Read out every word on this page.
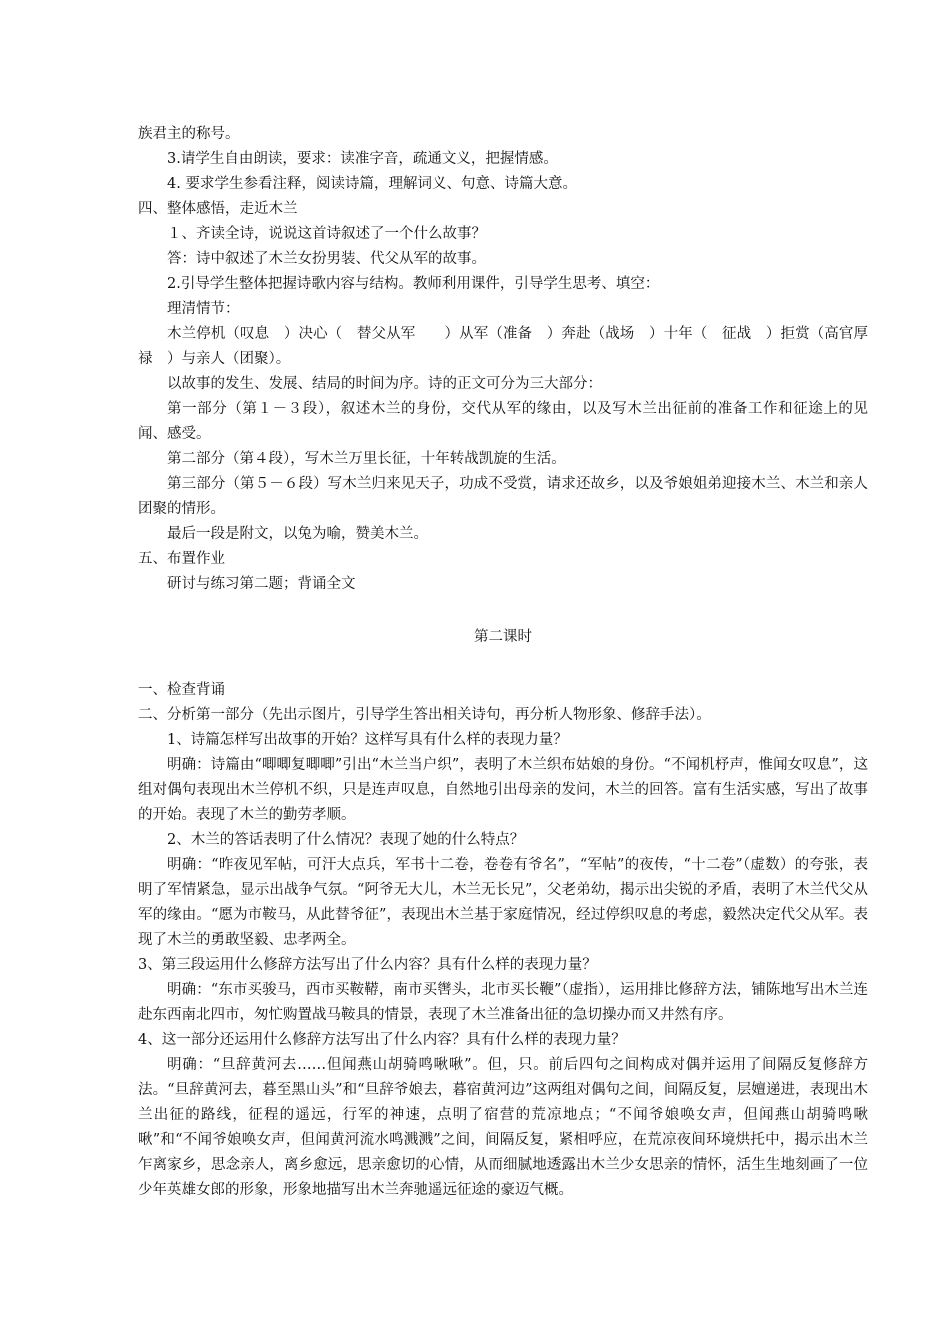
族君主的称号。

3.请学生自由朗读，要求：读准字音，疏通文义，把握情感。

4. 要求学生参看注释，阅读诗篇，理解词义、句意、诗篇大意。

四、整体感悟，走近木兰

１、齐读全诗，说说这首诗叙述了一个什么故事？

答：诗中叙述了木兰女扮男装、代父从军的故事。

2.引导学生整体把握诗歌内容与结构。教师利用课件，引导学生思考、填空：

理清情节：

木兰停机（叹息　）决心（　替父从军　　）从军（准备　）奔赴（战场　）十年（　征战　）拒赏（高官厚禄　）与亲人（团聚）。

以故事的发生、发展、结局的时间为序。诗的正文可分为三大部分：

第一部分（第１－３段），叙述木兰的身份，交代从军的缘由，以及写木兰出征前的准备工作和征途上的见闻、感受。

第二部分（第４段），写木兰万里长征，十年转战凯旋的生活。

第三部分（第５－６段）写木兰归来见天子，功成不受赏，请求还故乡，以及爷娘姐弟迎接木兰、木兰和亲人团聚的情形。

最后一段是附文，以兔为喻，赞美木兰。

五、布置作业

研讨与练习第二题；背诵全文

第二课时

一、检查背诵

二、分析第一部分（先出示图片，引导学生答出相关诗句，再分析人物形象、修辞手法）。

1、诗篇怎样写出故事的开始？这样写具有什么样的表现力量？

明确：诗篇由“唧唧复唧唧”引出“木兰当户织”，表明了木兰织布姑娘的身份。“不闻机杼声，惟闻女叹息”，这组对偶句表现出木兰停机不织，只是连声叹息，自然地引出母亲的发问，木兰的回答。富有生活实感，写出了故事的开始。表现了木兰的勤劳孝顺。

2、木兰的答话表明了什么情况？表现了她的什么特点？

明确：“昨夜见军帖，可汗大点兵，军书十二卷，卷卷有爷名”，“军帖”的夜传，“十二卷”（虚数）的夸张，表明了军情紧急，显示出战争气氛。“阿爷无大儿，木兰无长兄”，父老弟幼，揭示出尖锐的矛盾，表明了木兰代父从军的缘由。“愿为市鞍马，从此替爷征”，表现出木兰基于家庭情况，经过停织叹息的考虑，毅然决定代父从军。表现了木兰的勇敢坚毅、忠孝两全。

3、第三段运用什么修辞方法写出了什么内容？具有什么样的表现力量？

明确：“东市买骏马，西市买鞍鞯，南市买辔头，北市买长鞭”（虚指），运用排比修辞方法，铺陈地写出木兰连赴东西南北四市，匆忙购置战马鞍具的情景，表现了木兰准备出征的急切操办而又井然有序。

4、这一部分还运用什么修辞方法写出了什么内容？具有什么样的表现力量？

明确：“旦辞黄河去……但闻燕山胡骑鸣啾啾”。但，只。前后四句之间构成对偶并运用了间隔反复修辞方法。“旦辞黄河去，暮至黑山头”和“旦辞爷娘去，暮宿黄河边”这两组对偶句之间，间隔反复，层嬗递进，表现出木兰出征的路线，征程的遥远，行军的神速，点明了宿营的荒凉地点；“不闻爷娘唤女声，但闻燕山胡骑鸣啾啾”和“不闻爷娘唤女声，但闻黄河流水鸣溅溅”之间，间隔反复，紧相呼应，在荒凉夜间环境烘托中，揭示出木兰乍离家乡，思念亲人，离乡愈远，思亲愈切的心情，从而细腻地透露出木兰少女思亲的情怀，活生生地刻画了一位少年英雄女郎的形象，形象地描写出木兰奔驰遥远征途的豪迈气概。
